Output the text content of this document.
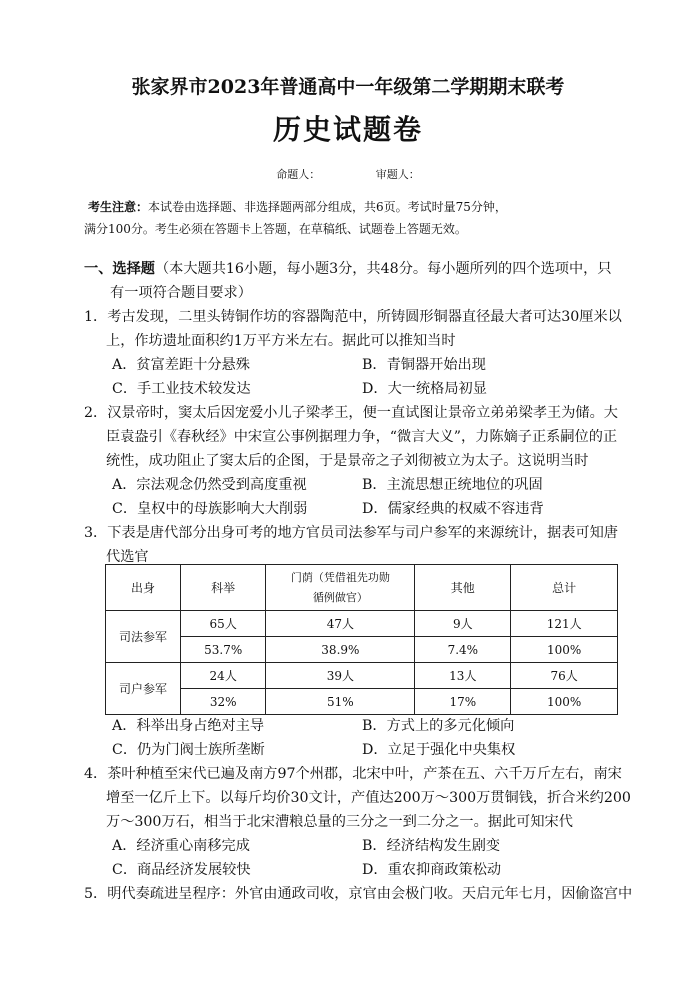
张家界市2023年普通高中一年级第二学期期末联考
历史试题卷
命题人：	审题人：
考生注意：本试卷由选择题、非选择题两部分组成，共6页。考试时量75分钟，
满分100分。考生必须在答题卡上答题，在草稿纸、试题卷上答题无效。
一、选择题（本大题共16小题，每小题3分，共48分。每小题所列的四个选项中，只
有一项符合题目要求）
1．考古发现，二里头铸铜作坊的容器陶范中，所铸圆形铜器直径最大者可达30厘米以
上，作坊遗址面积约1万平方米左右。据此可以推知当时
A．贫富差距十分悬殊	B．青铜器开始出现
C．手工业技术较发达	D．大一统格局初显
2．汉景帝时，窦太后因宠爱小儿子梁孝王，便一直试图让景帝立弟弟梁孝王为储。大
臣袁盎引《春秋经》中宋宣公事例据理力争，“微言大义”，力陈嫡子正系嗣位的正
统性，成功阻止了窦太后的企图，于是景帝之子刘彻被立为太子。这说明当时
A．宗法观念仍然受到高度重视	B．主流思想正统地位的巩固
C．皇权中的母族影响大大削弱	D．儒家经典的权威不容违背
3．下表是唐代部分出身可考的地方官员司法参军与司户参军的来源统计，据表可知唐
代选官
出身	科举	门荫（凭借祖先功勋
循例做官）	其他	总计
司法参军	65人	47人	9人	121人
	53.7%	38.9%	7.4%	100%
司户参军	24人	39人	13人	76人
	32%	51%	17%	100%
A．科举出身占绝对主导	B．方式上的多元化倾向
C．仍为门阀士族所垄断	D．立足于强化中央集权
4．茶叶种植至宋代已遍及南方97个州郡，北宋中叶，产茶在五、六千万斤左右，南宋
增至一亿斤上下。以每斤均价30文计，产值达200万～300万贯铜钱，折合米约200
万～300万石，相当于北宋漕粮总量的三分之一到二分之一。据此可知宋代
A．经济重心南移完成	B．经济结构发生剧变
C．商品经济发展较快	D．重农抑商政策松动
5．明代奏疏进呈程序：外官由通政司收，京官由会极门收。天启元年七月，因偷盗宫中
